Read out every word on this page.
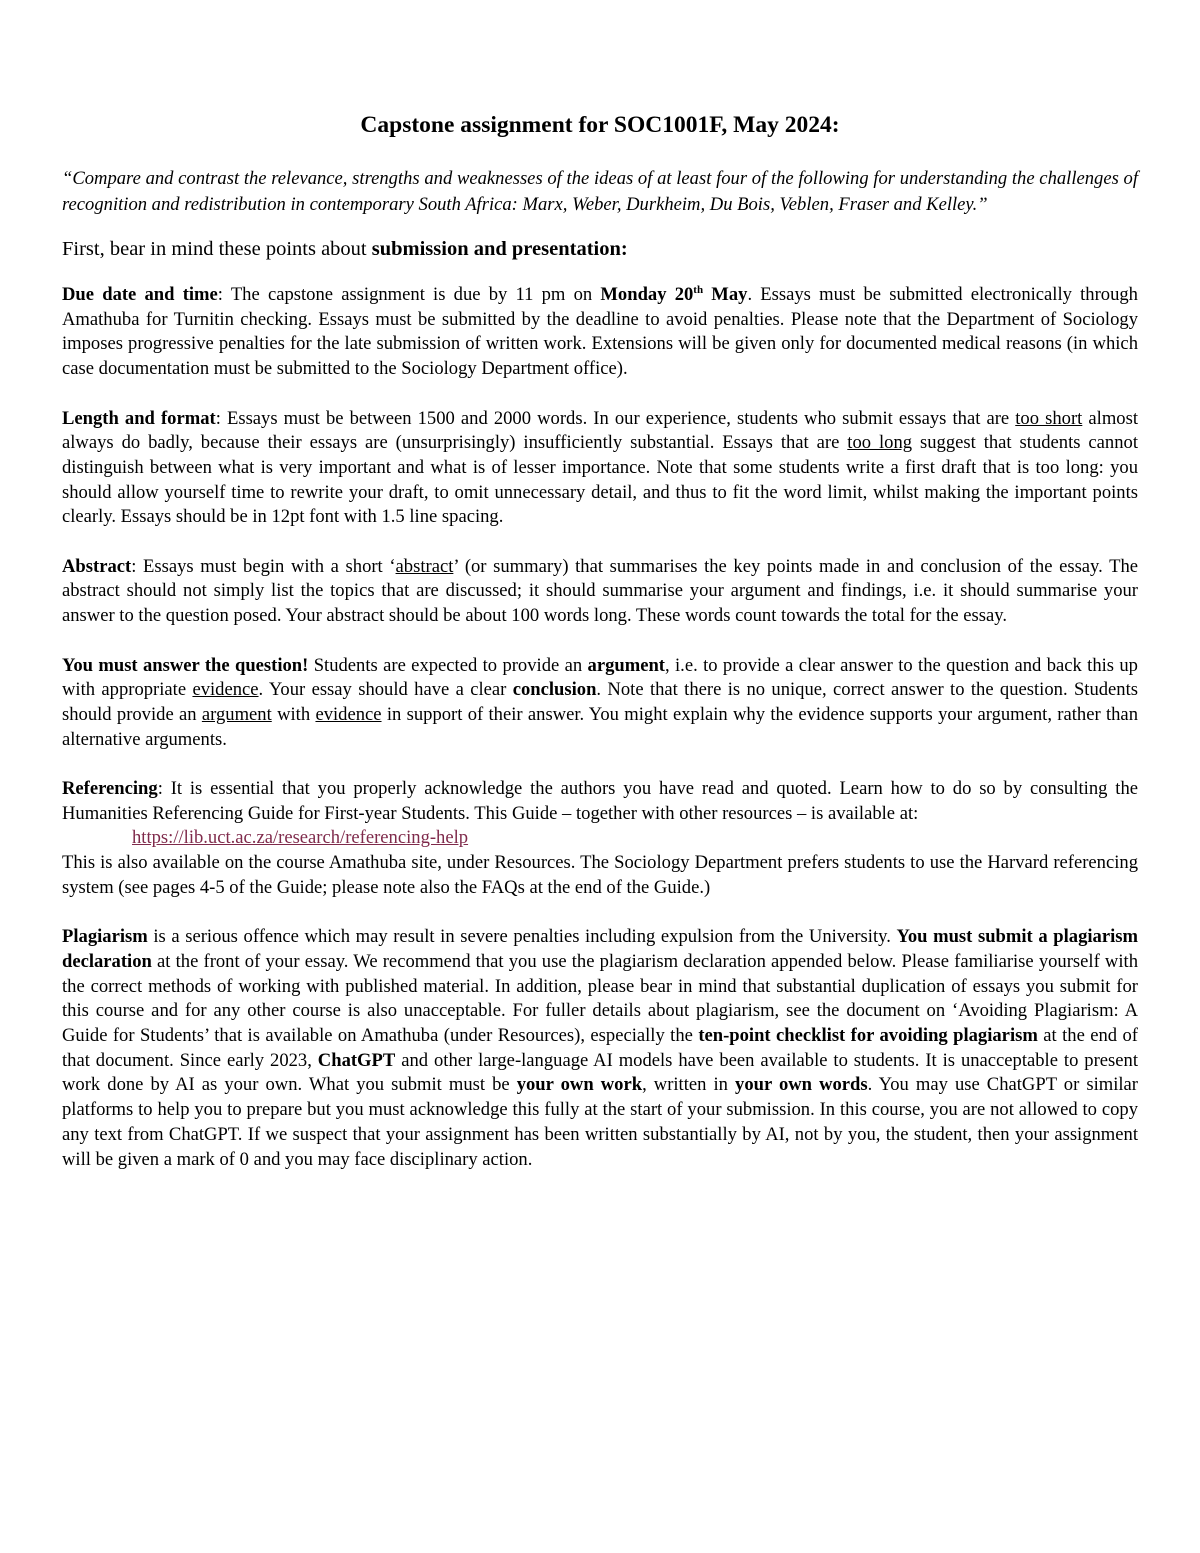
Capstone assignment for SOC1001F, May 2024:

“Compare and contrast the relevance, strengths and weaknesses of the ideas of at least four of the following for understanding the challenges of recognition and redistribution in contemporary South Africa: Marx, Weber, Durkheim, Du Bois, Veblen, Fraser and Kelley.”

First, bear in mind these points about submission and presentation:

Due date and time: The capstone assignment is due by 11 pm on Monday 20th May. Essays must be submitted electronically through Amathuba for Turnitin checking. Essays must be submitted by the deadline to avoid penalties. Please note that the Department of Sociology imposes progressive penalties for the late submission of written work. Extensions will be given only for documented medical reasons (in which case documentation must be submitted to the Sociology Department office).

Length and format: Essays must be between 1500 and 2000 words. In our experience, students who submit essays that are too short almost always do badly, because their essays are (unsurprisingly) insufficiently substantial. Essays that are too long suggest that students cannot distinguish between what is very important and what is of lesser importance. Note that some students write a first draft that is too long: you should allow yourself time to rewrite your draft, to omit unnecessary detail, and thus to fit the word limit, whilst making the important points clearly. Essays should be in 12pt font with 1.5 line spacing.

Abstract: Essays must begin with a short ‘abstract’ (or summary) that summarises the key points made in and conclusion of the essay. The abstract should not simply list the topics that are discussed; it should summarise your argument and findings, i.e. it should summarise your answer to the question posed. Your abstract should be about 100 words long. These words count towards the total for the essay.

You must answer the question! Students are expected to provide an argument, i.e. to provide a clear answer to the question and back this up with appropriate evidence. Your essay should have a clear conclusion. Note that there is no unique, correct answer to the question. Students should provide an argument with evidence in support of their answer. You might explain why the evidence supports your argument, rather than alternative arguments.

Referencing: It is essential that you properly acknowledge the authors you have read and quoted. Learn how to do so by consulting the Humanities Referencing Guide for First-year Students. This Guide – together with other resources – is available at:
https://lib.uct.ac.za/research/referencing-help
This is also available on the course Amathuba site, under Resources. The Sociology Department prefers students to use the Harvard referencing system (see pages 4-5 of the Guide; please note also the FAQs at the end of the Guide.)

Plagiarism is a serious offence which may result in severe penalties including expulsion from the University. You must submit a plagiarism declaration at the front of your essay. We recommend that you use the plagiarism declaration appended below. Please familiarise yourself with the correct methods of working with published material. In addition, please bear in mind that substantial duplication of essays you submit for this course and for any other course is also unacceptable. For fuller details about plagiarism, see the document on ‘Avoiding Plagiarism: A Guide for Students’ that is available on Amathuba (under Resources), especially the ten-point checklist for avoiding plagiarism at the end of that document. Since early 2023, ChatGPT and other large-language AI models have been available to students. It is unacceptable to present work done by AI as your own. What you submit must be your own work, written in your own words. You may use ChatGPT or similar platforms to help you to prepare but you must acknowledge this fully at the start of your submission. In this course, you are not allowed to copy any text from ChatGPT. If we suspect that your assignment has been written substantially by AI, not by you, the student, then your assignment will be given a mark of 0 and you may face disciplinary action.
